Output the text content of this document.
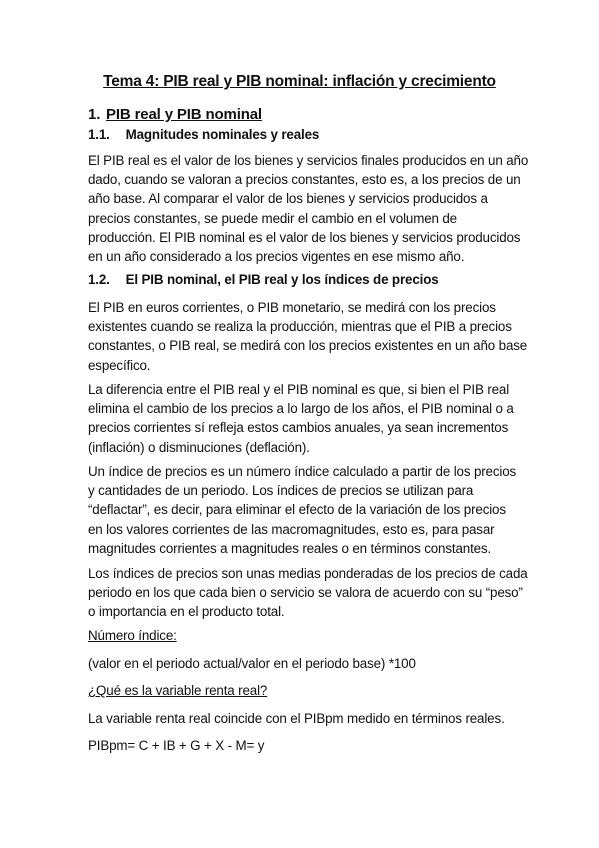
Tema 4: PIB real y PIB nominal: inflación y crecimiento
1. PIB real y PIB nominal
1.1. Magnitudes nominales y reales
El PIB real es el valor de los bienes y servicios finales producidos en un año
dado, cuando se valoran a precios constantes, esto es, a los precios de un
año base. Al comparar el valor de los bienes y servicios producidos a
precios constantes, se puede medir el cambio en el volumen de
producción. El PIB nominal es el valor de los bienes y servicios producidos
en un año considerado a los precios vigentes en ese mismo año.
1.2. El PIB nominal, el PIB real y los índices de precios
El PIB en euros corrientes, o PIB monetario, se medirá con los precios
existentes cuando se realiza la producción, mientras que el PIB a precios
constantes, o PIB real, se medirá con los precios existentes en un año base
específico.
La diferencia entre el PIB real y el PIB nominal es que, si bien el PIB real
elimina el cambio de los precios a lo largo de los años, el PIB nominal o a
precios corrientes sí refleja estos cambios anuales, ya sean incrementos
(inflación) o disminuciones (deflación).
Un índice de precios es un número índice calculado a partir de los precios
y cantidades de un periodo. Los índices de precios se utilizan para
“deflactar”, es decir, para eliminar el efecto de la variación de los precios
en los valores corrientes de las macromagnitudes, esto es, para pasar
magnitudes corrientes a magnitudes reales o en términos constantes.
Los índices de precios son unas medias ponderadas de los precios de cada
periodo en los que cada bien o servicio se valora de acuerdo con su “peso”
o importancia en el producto total.
Número índice:
(valor en el periodo actual/valor en el periodo base) *100
¿Qué es la variable renta real?
La variable renta real coincide con el PIBpm medido en términos reales.
PIBpm= C + IB + G + X - M= y
